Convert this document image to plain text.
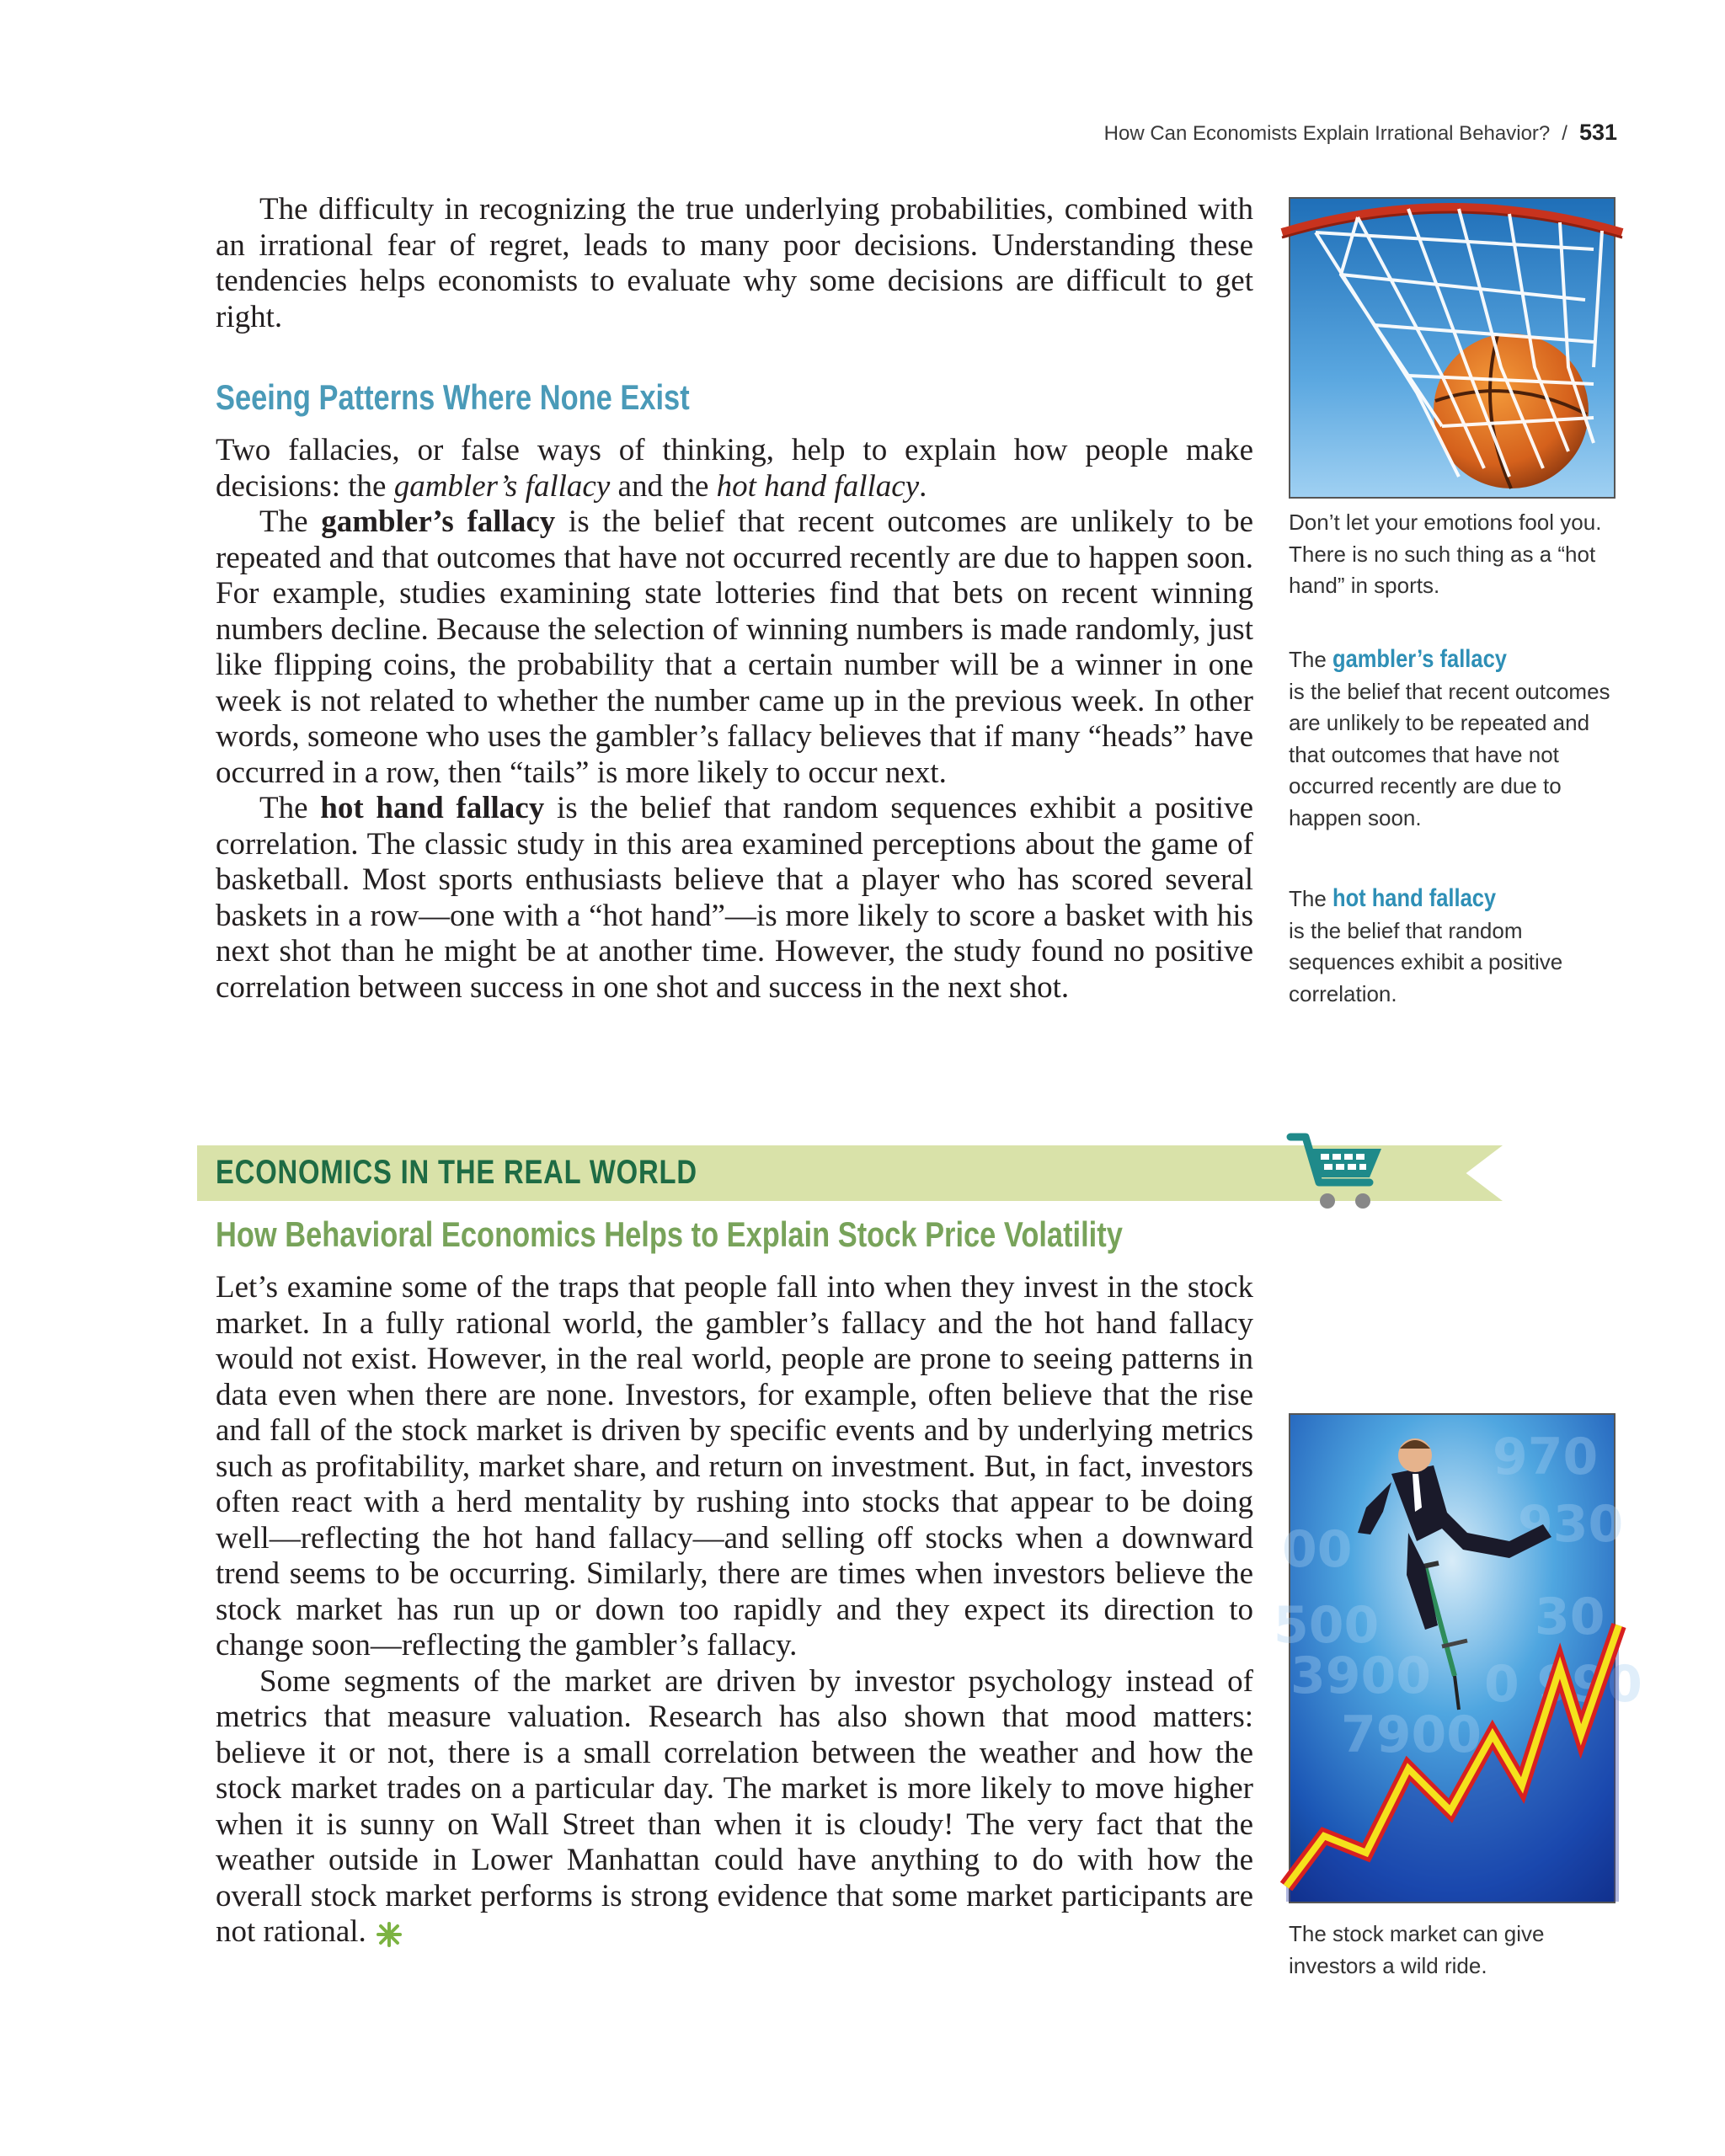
How Can Economists Explain Irrational Behavior? / 531

The difficulty in recognizing the true underlying probabilities, combined with an irrational fear of regret, leads to many poor decisions. Understanding these tendencies helps economists to evaluate why some decisions are difficult to get right.

Seeing Patterns Where None Exist

Two fallacies, or false ways of thinking, help to explain how people make decisions: the gambler’s fallacy and the hot hand fallacy.

The gambler’s fallacy is the belief that recent outcomes are unlikely to be repeated and that outcomes that have not occurred recently are due to happen soon. For example, studies examining state lotteries find that bets on recent winning numbers decline. Because the selection of winning numbers is made randomly, just like flipping coins, the probability that a certain number will be a winner in one week is not related to whether the number came up in the previous week. In other words, someone who uses the gambler’s fallacy believes that if many “heads” have occurred in a row, then “tails” is more likely to occur next.

The hot hand fallacy is the belief that random sequences exhibit a positive correlation. The classic study in this area examined perceptions about the game of basketball. Most sports enthusiasts believe that a player who has scored several baskets in a row—one with a “hot hand”—is more likely to score a basket with his next shot than he might be at another time. However, the study found no positive correlation between success in one shot and success in the next shot.

Don’t let your emotions fool you. There is no such thing as a “hot hand” in sports.

The gambler’s fallacy

is the belief that recent outcomes are unlikely to be repeated and that outcomes that have not occurred recently are due to happen soon.

The hot hand fallacy

is the belief that random sequences exhibit a positive correlation.

ECONOMICS IN THE REAL WORLD
How Behavioral Economics Helps to Explain Stock Price Volatility

Let’s examine some of the traps that people fall into when they invest in the stock market. In a fully rational world, the gambler’s fallacy and the hot hand fallacy would not exist. However, in the real world, people are prone to seeing patterns in data even when there are none. Investors, for example, often believe that the rise and fall of the stock market is driven by specific events and by underlying metrics such as profitability, market share, and return on investment. But, in fact, investors often react with a herd mentality by rushing into stocks that appear to be doing well—reflecting the hot hand fallacy—and selling off stocks when a downward trend seems to be occurring. Similarly, there are times when investors believe the stock market has run up or down too rapidly and they expect its direction to change soon—reflecting the gambler’s fallacy.

Some segments of the market are driven by investor psychology instead of metrics that measure valuation. Research has also shown that mood matters: believe it or not, there is a small correlation between the weather and how the stock market trades on a particular day. The market is more likely to move higher when it is sunny on Wall Street than when it is cloudy! The very fact that the weather outside in Lower Manhattan could have anything to do with how the overall stock market performs is strong evidence that some market participants are not rational.

970
00	930
500	30
3900 0 990
7900
The stock market can give investors a wild ride.
